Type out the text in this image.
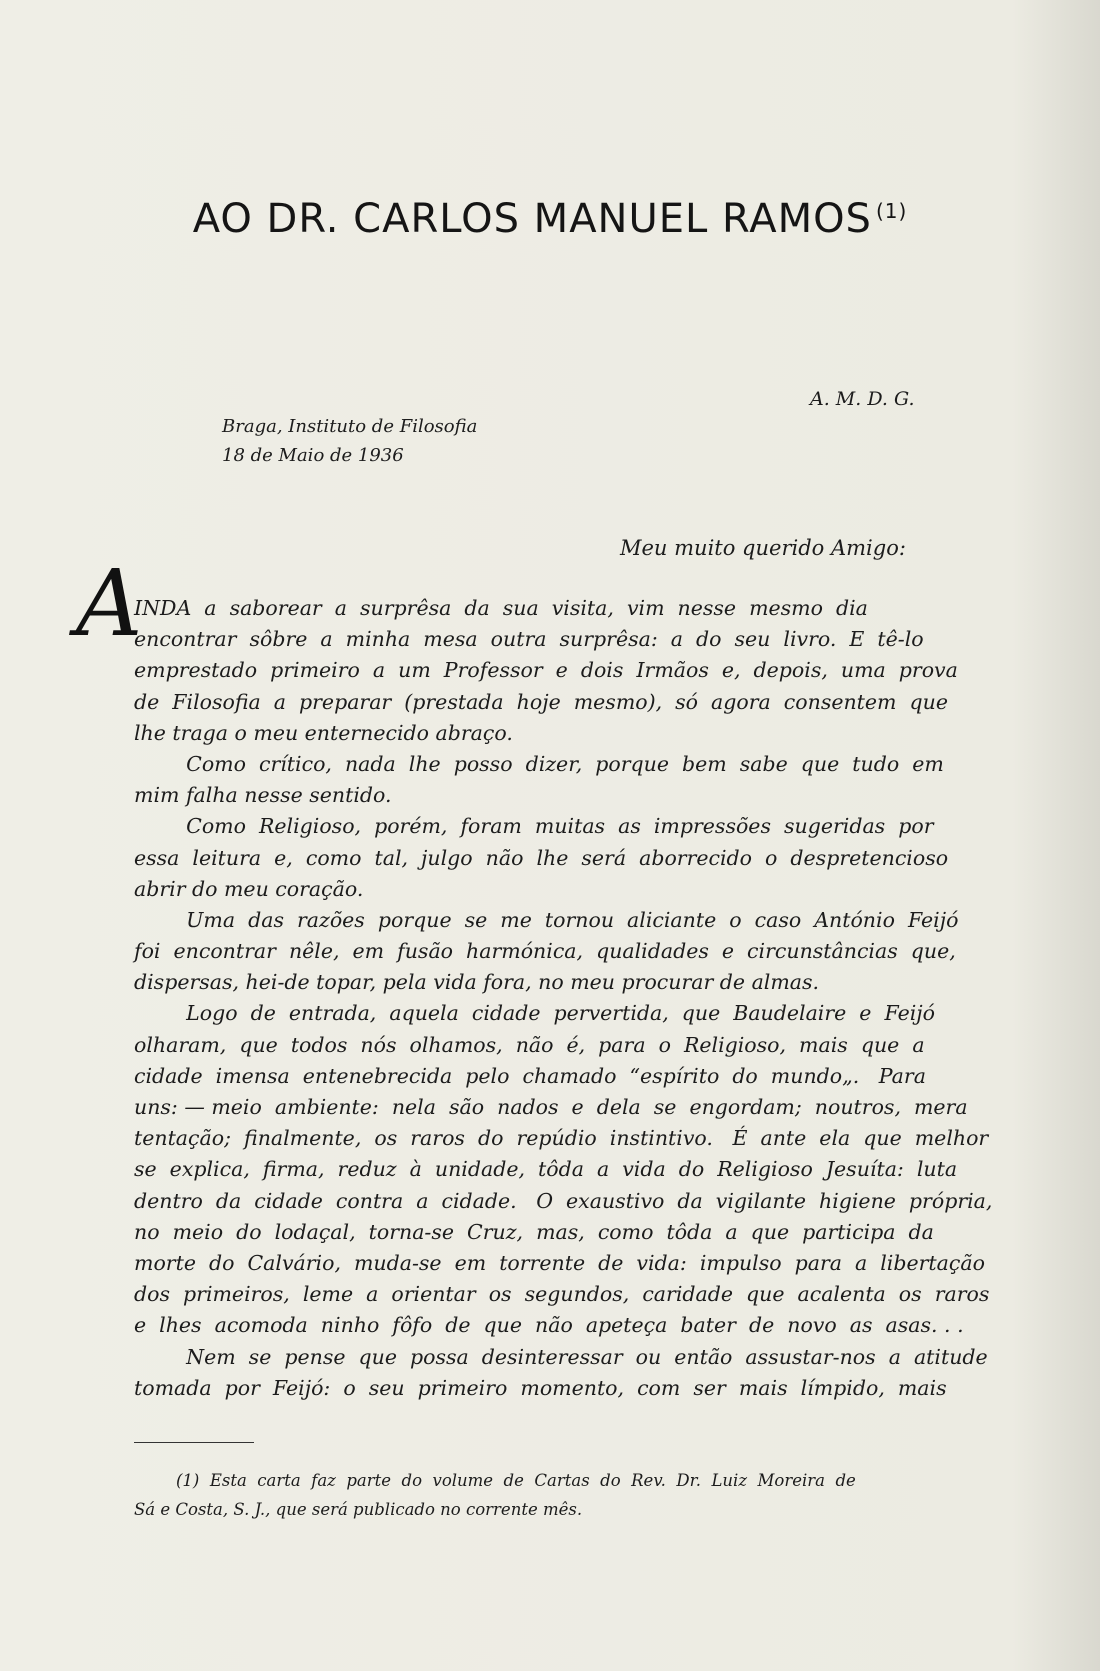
AO DR. CARLOS MANUEL RAMOS $^{(1)}$
A. M. D. G.
Braga, Instituto de Filosofia
18 de Maio de 1936
Meu muito querido Amigo:
A
INDA  a  saborear  a  surprêsa  da  sua  visita,  vim  nesse  mesmo  dia
encontrar  sôbre  a  minha  mesa  outra  surprêsa:  a  do  seu  livro.  E  tê-lo
emprestado  primeiro  a  um  Professor  e  dois  Irmãos  e,  depois,  uma  prova
de  Filosofia  a  preparar  (prestada  hoje  mesmo),  só  agora  consentem  que
lhe traga o meu enternecido abraço.
Como  crítico,  nada  lhe  posso  dizer,  porque  bem  sabe  que  tudo  em
mim falha nesse sentido.
Como  Religioso,  porém,  foram  muitas  as  impressões  sugeridas  por
essa  leitura  e,  como  tal,  julgo  não  lhe  será  aborrecido  o  despretencioso
abrir do meu coração.
Uma  das  razões  porque  se  me  tornou  aliciante  o  caso  António  Feijó
foi  encontrar  nêle,  em  fusão  harmónica,  qualidades  e  circunstâncias  que,
dispersas, hei-de topar, pela vida fora, no meu procurar de almas.
Logo  de  entrada,  aquela  cidade  pervertida,  que  Baudelaire  e  Feijó
olharam,  que  todos  nós  olhamos,  não  é,  para  o  Religioso,  mais  que  a
cidade  imensa  entenebrecida  pelo  chamado  “espírito  do  mundo„.   Para
uns: — meio  ambiente:  nela  são  nados  e  dela  se  engordam;  noutros,  mera
tentação;  finalmente,  os  raros  do  repúdio  instintivo.   É  ante  ela  que  melhor
se  explica,  firma,  reduz  à  unidade,  tôda  a  vida  do  Religioso  Jesuíta:  luta
dentro  da  cidade  contra  a  cidade.   O  exaustivo  da  vigilante  higiene  própria,
no  meio  do  lodaçal,  torna-se  Cruz,  mas,  como  tôda  a  que  participa  da
morte  do  Calvário,  muda-se  em  torrente  de  vida:  impulso  para  a  libertação
dos  primeiros,  leme  a  orientar  os  segundos,  caridade  que  acalenta  os  raros
e  lhes  acomoda  ninho  fôfo  de  que  não  apeteça  bater  de  novo  as  asas. . .
Nem  se  pense  que  possa  desinteressar  ou  então  assustar-nos  a  atitude
tomada  por  Feijó:  o  seu  primeiro  momento,  com  ser  mais  límpido,  mais
(1)  Esta  carta  faz  parte  do  volume  de  Cartas  do  Rev.  Dr.  Luiz  Moreira  de
Sá e Costa, S. J., que será publicado no corrente mês.
